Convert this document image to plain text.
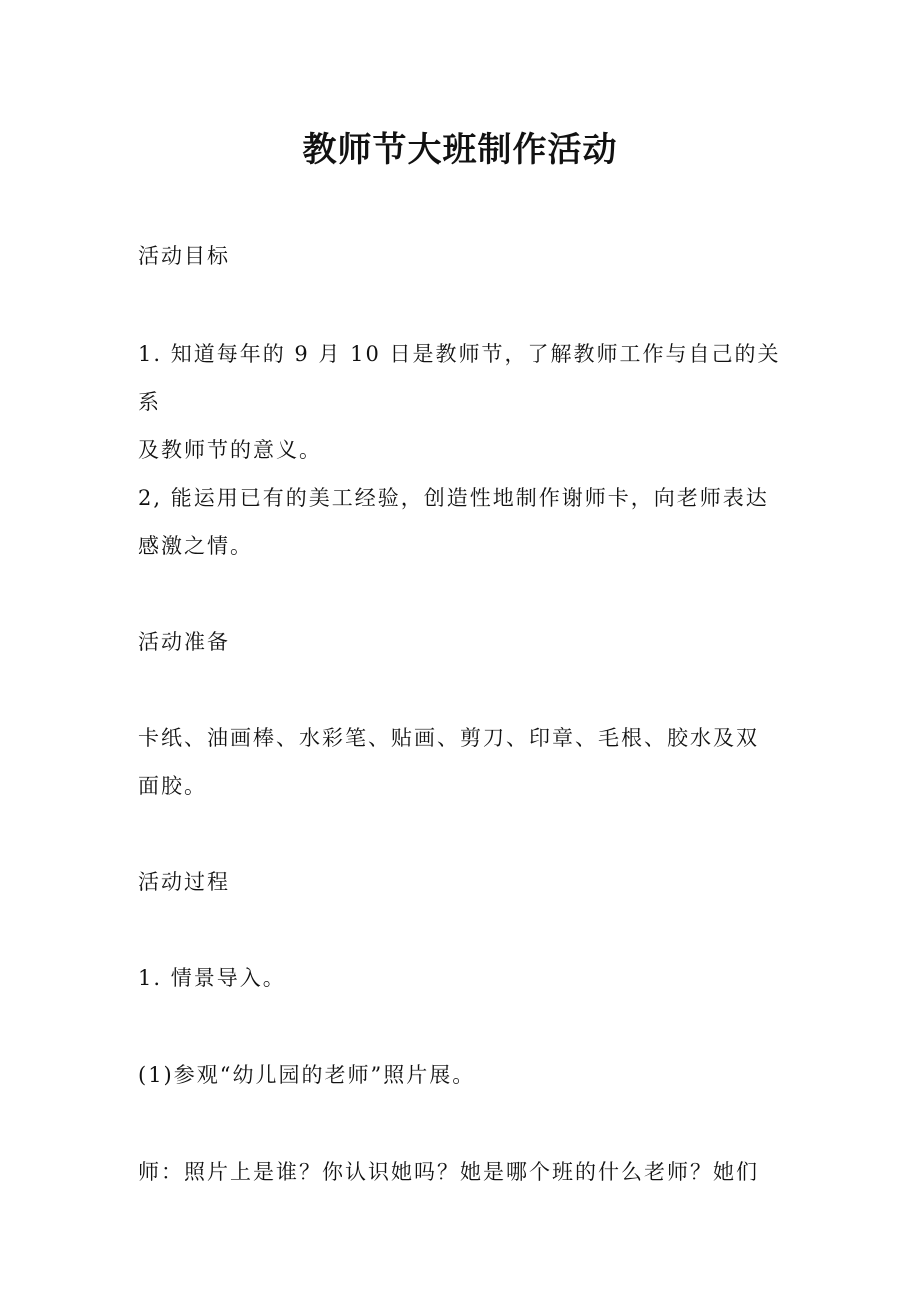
教师节大班制作活动

活动目标

1. 知道每年的 9 月 10 日是教师节，了解教师工作与自己的关系
及教师节的意义。

2, 能运用已有的美工经验，创造性地制作谢师卡，向老师表达
感激之情。

活动准备

卡纸、油画棒、水彩笔、贴画、剪刀、印章、毛根、胶水及双
面胶。

活动过程

1. 情景导入。

(1)参观“幼儿园的老师”照片展。

师：照片上是谁？你认识她吗？她是哪个班的什么老师？她们
